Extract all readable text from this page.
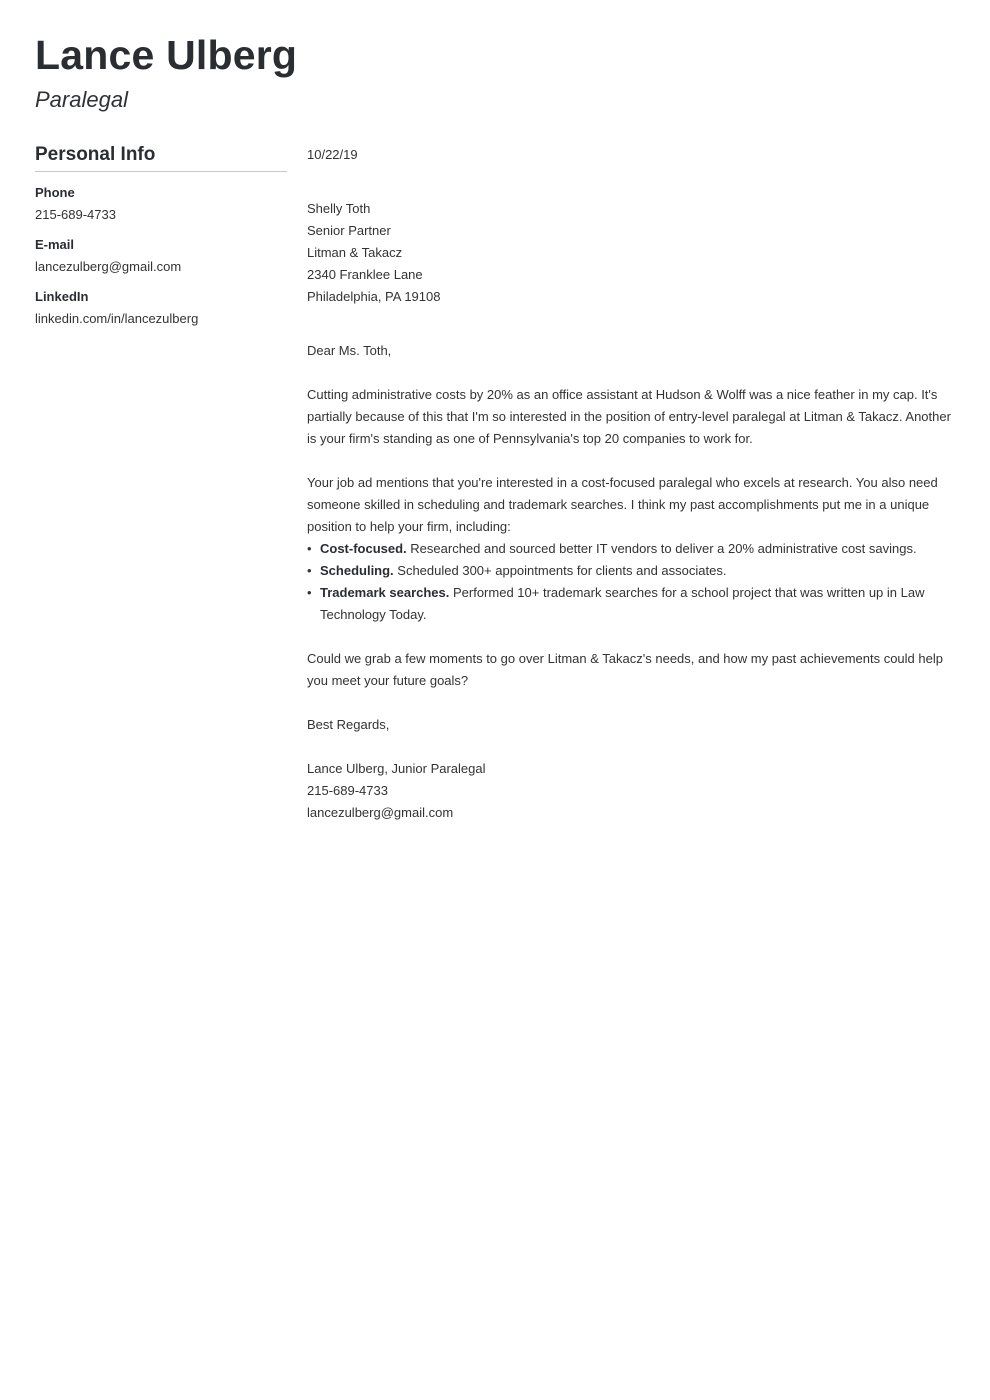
Lance Ulberg
Paralegal
Personal Info
Phone
215-689-4733
E-mail
lancezulberg@gmail.com
LinkedIn
linkedin.com/in/lancezulberg
10/22/19
Shelly Toth
Senior Partner
Litman & Takacz
2340 Franklee Lane
Philadelphia, PA 19108

Dear Ms. Toth,

Cutting administrative costs by 20% as an office assistant at Hudson & Wolff was a nice feather in my cap. It's partially because of this that I'm so interested in the position of entry-level paralegal at Litman & Takacz. Another is your firm's standing as one of Pennsylvania's top 20 companies to work for.

Your job ad mentions that you're interested in a cost-focused paralegal who excels at research. You also need someone skilled in scheduling and trademark searches. I think my past accomplishments put me in a unique position to help your firm, including:

• Cost-focused. Researched and sourced better IT vendors to deliver a 20% administrative cost savings.
• Scheduling. Scheduled 300+ appointments for clients and associates.
• Trademark searches. Performed 10+ trademark searches for a school project that was written up in Law Technology Today.

Could we grab a few moments to go over Litman & Takacz's needs, and how my past achievements could help you meet your future goals?

Best Regards,

Lance Ulberg, Junior Paralegal
215-689-4733
lancezulberg@gmail.com
